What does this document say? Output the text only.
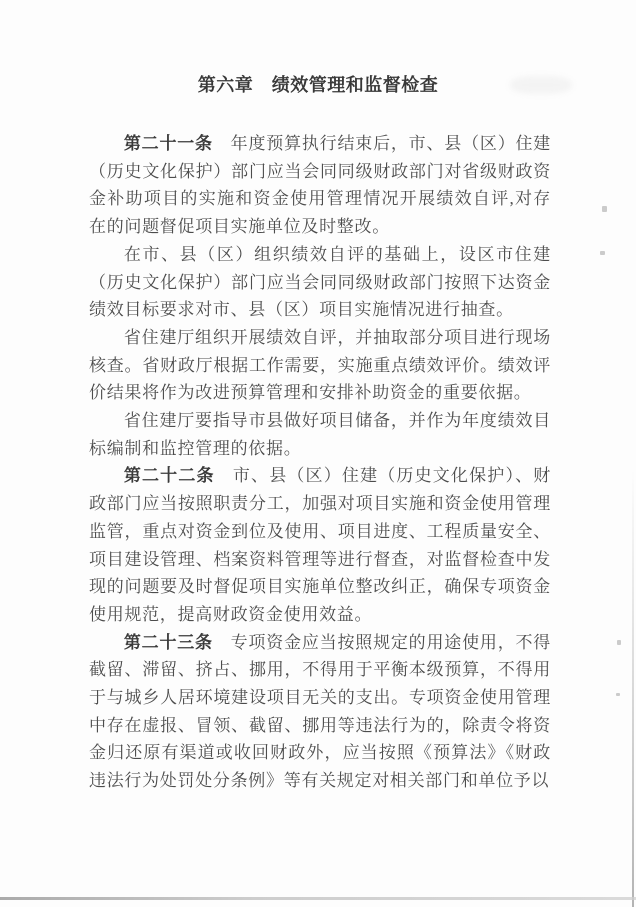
第六章　绩效管理和监督检查

第二十一条　年度预算执行结束后，市、县（区）住建（历史文化保护）部门应当会同同级财政部门对省级财政资金补助项目的实施和资金使用管理情况开展绩效自评,对存在的问题督促项目实施单位及时整改。

在市、县（区）组织绩效自评的基础上，设区市住建（历史文化保护）部门应当会同同级财政部门按照下达资金绩效目标要求对市、县（区）项目实施情况进行抽查。

省住建厅组织开展绩效自评，并抽取部分项目进行现场核查。省财政厅根据工作需要，实施重点绩效评价。绩效评价结果将作为改进预算管理和安排补助资金的重要依据。

省住建厅要指导市县做好项目储备，并作为年度绩效目标编制和监控管理的依据。

第二十二条　市、县（区）住建（历史文化保护）、财政部门应当按照职责分工，加强对项目实施和资金使用管理监管，重点对资金到位及使用、项目进度、工程质量安全、项目建设管理、档案资料管理等进行督查，对监督检查中发现的问题要及时督促项目实施单位整改纠正，确保专项资金使用规范，提高财政资金使用效益。

第二十三条　专项资金应当按照规定的用途使用，不得截留、滞留、挤占、挪用，不得用于平衡本级预算，不得用于与城乡人居环境建设项目无关的支出。专项资金使用管理中存在虚报、冒领、截留、挪用等违法行为的，除责令将资金归还原有渠道或收回财政外，应当按照《预算法》《财政违法行为处罚处分条例》等有关规定对相关部门和单位予以
